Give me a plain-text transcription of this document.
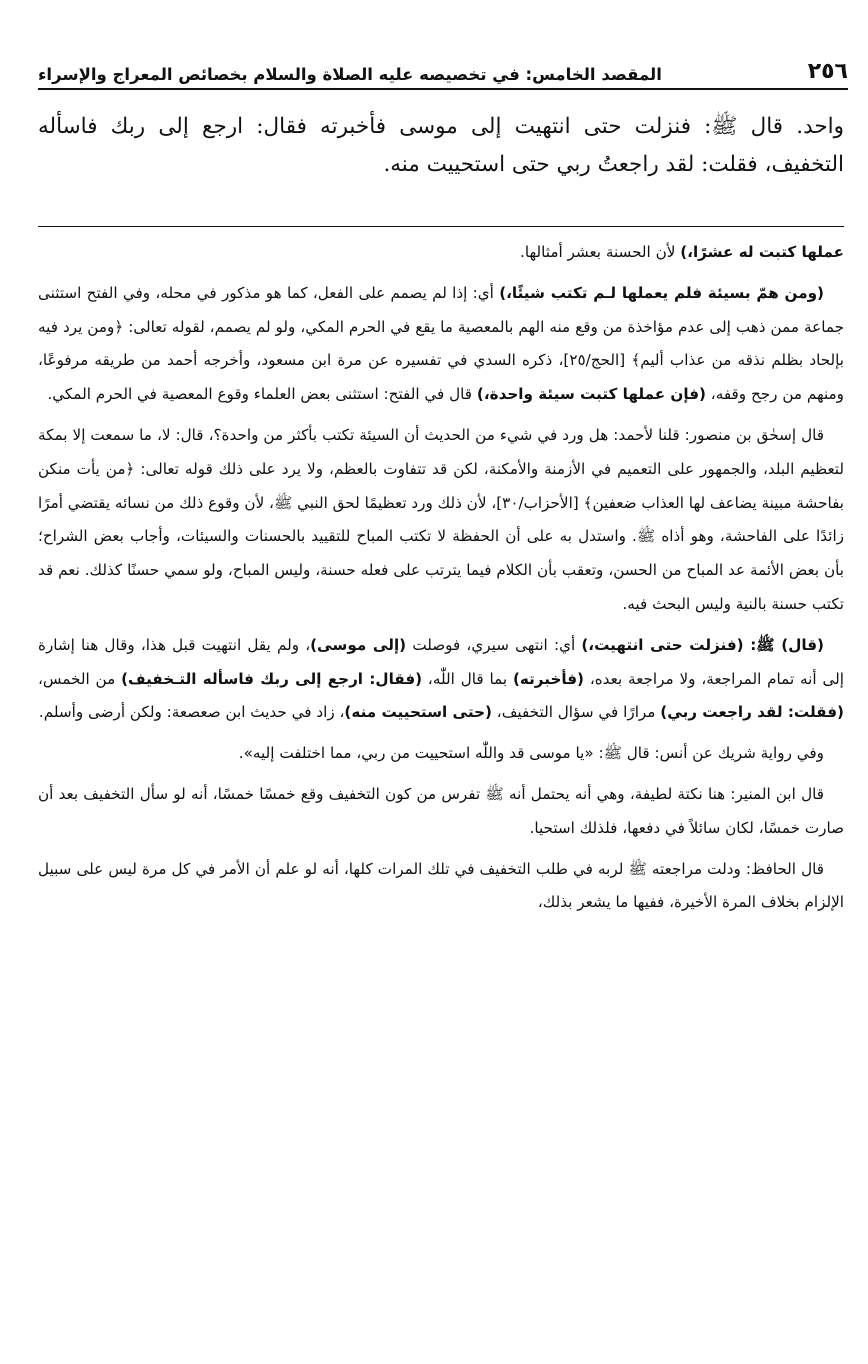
٢٥٦
المقصد الخامس: في تخصيصه عليه الصلاة والسلام بخصائص المعراج والإسراء

واحد. قال ﷺ: فنزلت حتى انتهيت إلى موسى فأخبرته فقال: ارجع إلى ربك فاسأله التخفيف، فقلت: لقد راجعتُ ربي حتى استحييت منه.

عملها كتبت له عشرًا،) لأن الحسنة بعشر أمثالها.

(ومن همّ بسيئة فلم يعملها لـم تكتب شيئًا،) أي: إذا لم يصمم على الفعل، كما هو مذكور في محله، وفي الفتح استثنى جماعة ممن ذهب إلى عدم مؤاخذة من وقع منه الهم بالمعصية ما يقع في الحرم المكي، ولو لم يصمم، لقوله تعالى: ﴿ومن يرد فيه بإلحاد بظلم نذقه من عذاب أليم﴾ [الحج/٢٥]، ذكره السدي في تفسيره عن مرة ابن مسعود، وأخرجه أحمد من طريقه مرفوعًا، ومنهم من رجح وقفه، (فإن عملها كتبت سيئة واحدة،) قال في الفتح: استثنى بعض العلماء وقوع المعصية في الحرم المكي.

قال إسحٰق بن منصور: قلنا لأحمد: هل ورد في شيء من الحديث أن السيئة تكتب بأكثر من واحدة؟، قال: لا، ما سمعت إلا بمكة لتعظيم البلد، والجمهور على التعميم في الأزمنة والأمكنة، لكن قد تتفاوت بالعظم، ولا يرد على ذلك قوله تعالى: ﴿من يأت منكن بفاحشة مبينة يضاعف لها العذاب ضعفين﴾ [الأحزاب/٣٠]، لأن ذلك ورد تعظيمًا لحق النبي ﷺ، لأن وقوع ذلك من نسائه يقتضي أمرًا زائدًا على الفاحشة، وهو أذاه ﷺ. واستدل به على أن الحفظة لا تكتب المباح للتقييد بالحسنات والسيئات، وأجاب بعض الشراح؛ بأن بعض الأئمة عد المباح من الحسن، وتعقب بأن الكلام فيما يترتب على فعله حسنة، وليس المباح، ولو سمي حسنًا كذلك. نعم قد تكتب حسنة بالنية وليس البحث فيه.

(قال) ﷺ: (فنزلت حتى انتهيت،) أي: انتهى سيري، فوصلت (إلى موسى)، ولم يقل انتهيت قبل هذا، وقال هنا إشارة إلى أنه تمام المراجعة، ولا مراجعة بعده، (فأخبرته) بما قال اللّٰه، (فقال: ارجع إلى ربك فاسأله التـخفيف) من الخمس، (فقلت: لقد راجعت ربي) مرارًا في سؤال التخفيف، (حتى استحييت منه)، زاد في حديث ابن صعصعة: ولكن أرضى وأسلم.

وفي رواية شريك عن أنس: قال ﷺ: «يا موسى قد واللّٰه استحييت من ربي، مما اختلفت إليه».

قال ابن المنير: هنا نكتة لطيفة، وهي أنه يحتمل أنه ﷺ تفرس من كون التخفيف وقع خمسًا خمسًا، أنه لو سأل التخفيف بعد أن صارت خمسًا، لكان سائلاً في دفعها، فلذلك استحيا.

قال الحافظ: ودلت مراجعته ﷺ لربه في طلب التخفيف في تلك المرات كلها، أنه لو علم أن الأمر في كل مرة ليس على سبيل الإلزام بخلاف المرة الأخيرة، ففيها ما يشعر بذلك،
